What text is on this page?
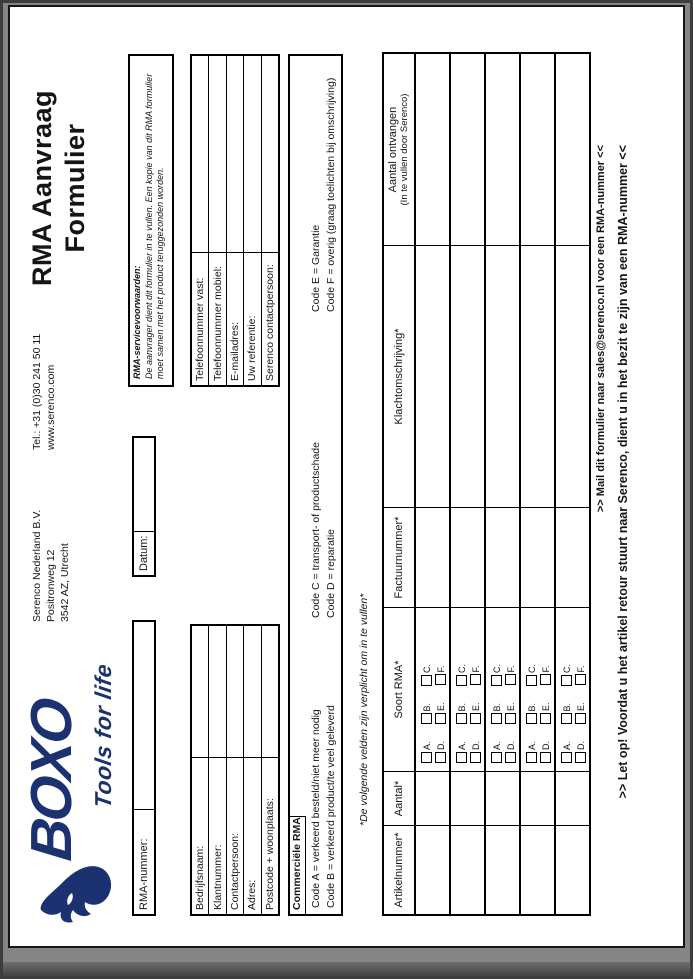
BOXO Tools for life
Serenco Nederland B.V. Positronweg 12 3542 AZ, Utrecht
Tel.: +31 (0)30 241 50 11 www.serenco.com
RMA Aanvraag Formulier
RMA-nummer:
Datum:
RMA-servicevoorwaarden: De aanvrager dient dit formulier in te vullen. Een kopie van dit RMA formulier moet samen met het product teruggezonden worden.
Bedrijfsnaam: Klantnummer: Contactpersoon: Adres: Postcode + woonplaats:
Telefoonnummer vast: Telefoonnummer mobiel: E-mailadres: Uw referentie: Serenco contactpersoon:
Commerciële RMA Code A = verkeerd besteld/niet meer nodig Code B = verkeerd product/te veel geleverd
Code C = transport- of productschade Code D = reparatie
Code E = Garantie Code F = overig (graag toelichten bij omschrijving)
*De volgende velden zijn verplicht om in te vullen*
Artikelnummer*
Aantal*
Soort RMA*
Factuurnummer*
Klachtomschrijving*
Aantal ontvangen (In te vullen door Serenco)
A.
B.
C.
D.
E.
F.
A.
B.
C.
D.
E.
F.
A.
B.
C.
D.
E.
F.
A.
B.
C.
D.
E.
F.
A.
B.
C.
D.
E.
F.
>> Mail dit formulier naar sales@serenco.nl voor een RMA-nummer << >> Let op! Voordat u het artikel retour stuurt naar Serenco, dient u in het bezit te zijn van een RMA-nummer <<
